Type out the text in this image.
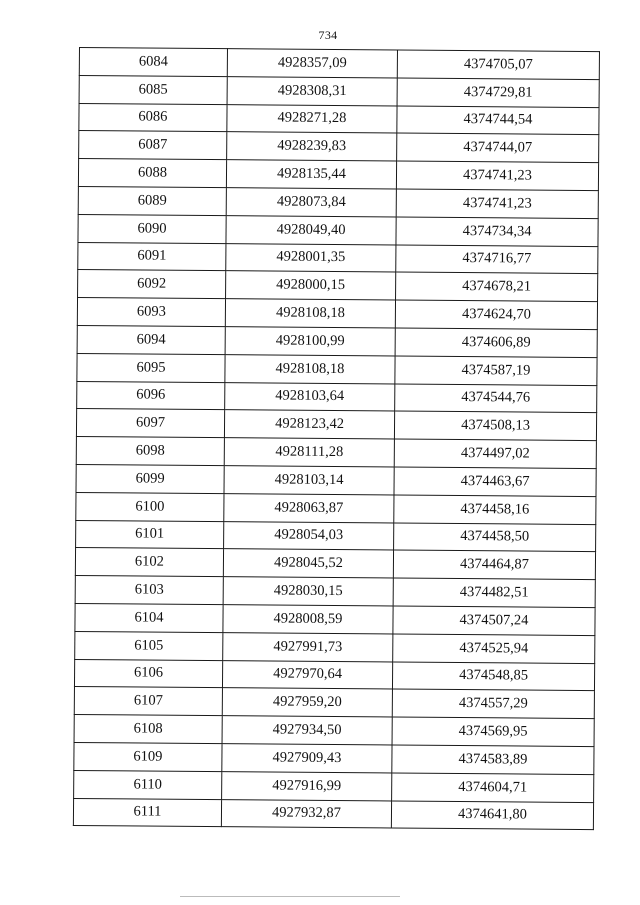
734
6084	4928357,09	4374705,07
6085	4928308,31	4374729,81
6086	4928271,28	4374744,54
6087	4928239,83	4374744,07
6088	4928135,44	4374741,23
6089	4928073,84	4374741,23
6090	4928049,40	4374734,34
6091	4928001,35	4374716,77
6092	4928000,15	4374678,21
6093	4928108,18	4374624,70
6094	4928100,99	4374606,89
6095	4928108,18	4374587,19
6096	4928103,64	4374544,76
6097	4928123,42	4374508,13
6098	4928111,28	4374497,02
6099	4928103,14	4374463,67
6100	4928063,87	4374458,16
6101	4928054,03	4374458,50
6102	4928045,52	4374464,87
6103	4928030,15	4374482,51
6104	4928008,59	4374507,24
6105	4927991,73	4374525,94
6106	4927970,64	4374548,85
6107	4927959,20	4374557,29
6108	4927934,50	4374569,95
6109	4927909,43	4374583,89
6110	4927916,99	4374604,71
6111	4927932,87	4374641,80
